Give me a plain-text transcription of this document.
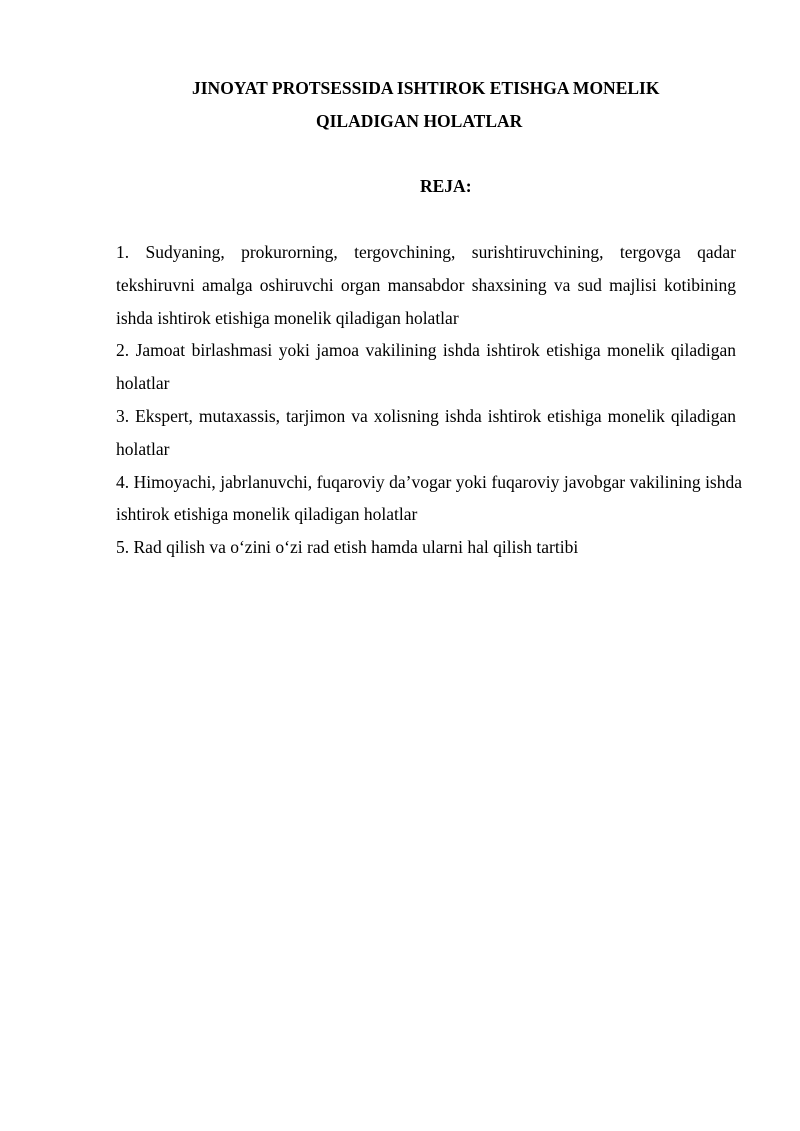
JINOYAT PROTSESSIDA ISHTIROK ETISHGA MONELIK
QILADIGAN HOLATLAR
REJA:

1. Sudyaning, prokurorning, tergovchining, surishtiruvchining, tergovga qadar tekshiruvni amalga oshiruvchi organ mansabdor shaxsining va sud majlisi kotibining ishda ishtirok etishiga monelik qiladigan holatlar

2. Jamoat birlashmasi yoki jamoa vakilining ishda ishtirok etishiga monelik qiladigan holatlar

3. Ekspert, mutaxassis, tarjimon va xolisning ishda ishtirok etishiga monelik qiladigan holatlar

4. Himoyachi, jabrlanuvchi, fuqaroviy da’vogar yoki fuqaroviy javobgar vakilining ishda ishtirok etishiga monelik qiladigan holatlar

5. Rad qilish va o‘zini o‘zi rad etish hamda ularni hal qilish tartibi
